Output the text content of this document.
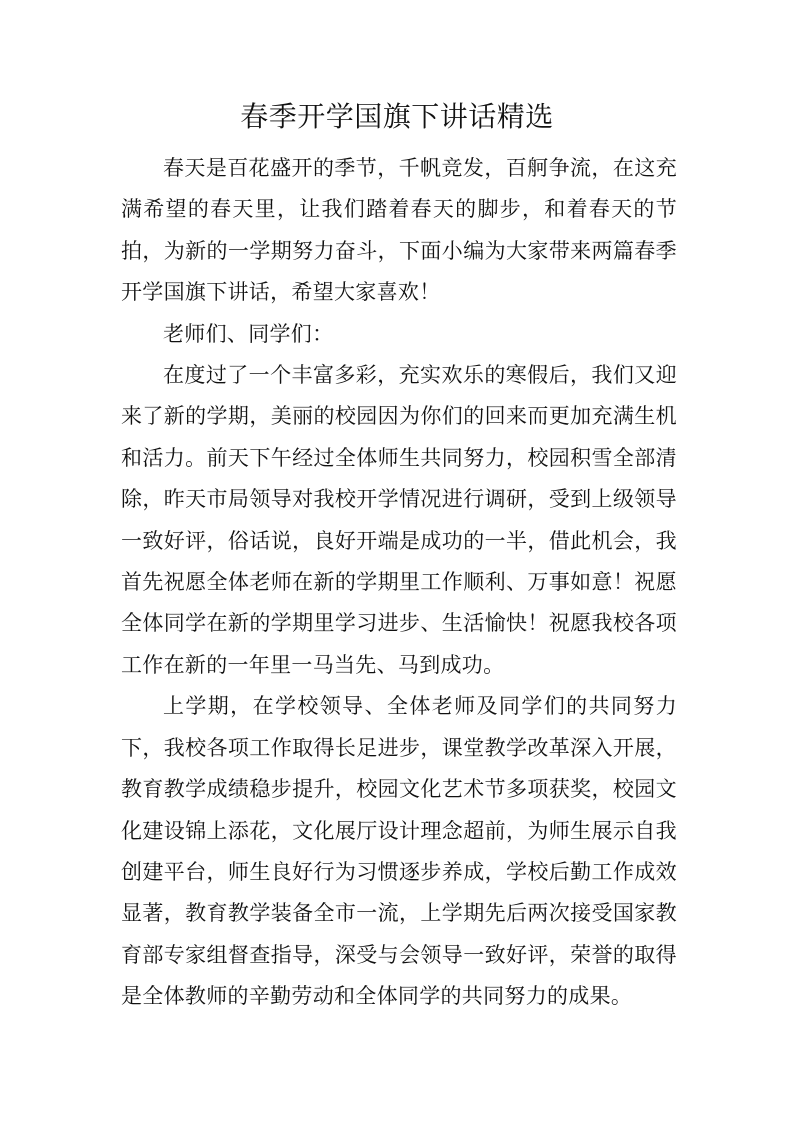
春季开学国旗下讲话精选

春天是百花盛开的季节，千帆竞发，百舸争流，在这充满希望的春天里，让我们踏着春天的脚步，和着春天的节拍，为新的一学期努力奋斗，下面小编为大家带来两篇春季开学国旗下讲话，希望大家喜欢！

老师们、同学们：

在度过了一个丰富多彩，充实欢乐的寒假后，我们又迎来了新的学期，美丽的校园因为你们的回来而更加充满生机和活力。前天下午经过全体师生共同努力，校园积雪全部清除，昨天市局领导对我校开学情况进行调研，受到上级领导一致好评，俗话说，良好开端是成功的一半，借此机会，我首先祝愿全体老师在新的学期里工作顺利、万事如意！祝愿全体同学在新的学期里学习进步、生活愉快！祝愿我校各项工作在新的一年里一马当先、马到成功。

上学期，在学校领导、全体老师及同学们的共同努力下，我校各项工作取得长足进步，课堂教学改革深入开展，教育教学成绩稳步提升，校园文化艺术节多项获奖，校园文化建设锦上添花，文化展厅设计理念超前，为师生展示自我创建平台，师生良好行为习惯逐步养成，学校后勤工作成效显著，教育教学装备全市一流，上学期先后两次接受国家教育部专家组督查指导，深受与会领导一致好评，荣誉的取得是全体教师的辛勤劳动和全体同学的共同努力的成果。
